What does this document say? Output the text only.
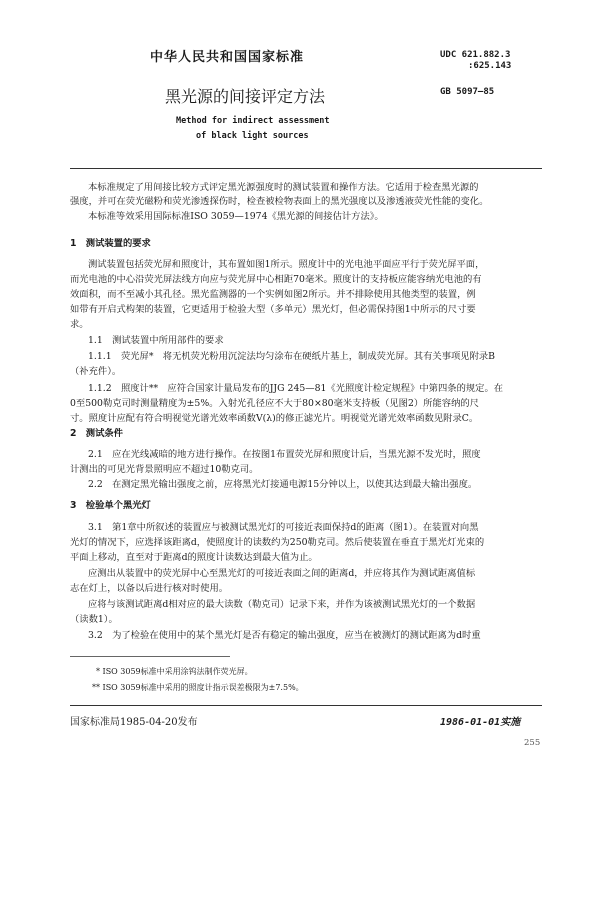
中华人民共和国国家标准	UDC 621.882.3
:625.143
黑光源的间接评定方法	GB 5097—85
Method for indirect assessment
of black light sources

本标准规定了用间接比较方式评定黑光源强度时的测试装置和操作方法。它适用于检查黑光源的

强度，并可在荧光磁粉和荧光渗透探伤时，检查被检物表面上的黑光强度以及渗透液荧光性能的变化。

本标准等效采用国际标准ISO 3059—1974《黑光源的间接估计方法》。

1　测试装置的要求

测试装置包括荧光屏和照度计，其布置如图1所示。照度计中的光电池平面应平行于荧光屏平面，

而光电池的中心沿荧光屏法线方向应与荧光屏中心相距70毫米。照度计的支持板应能容纳光电池的有

效面积，而不至减小其孔径。黑光监测器的一个实例如图2所示。并不排除使用其他类型的装置，例

如带有开启式构架的装置，它更适用于检验大型（多单元）黑光灯，但必需保持图1中所示的尺寸要

求。

1.1　测试装置中所用部件的要求

1.1.1　荧光屏*　将无机荧光粉用沉淀法均匀涂布在硬纸片基上，制成荧光屏。其有关事项见附录B

（补充件）。

1.1.2　照度计**　应符合国家计量局发布的JJG 245—81《光照度计检定规程》中第四条的规定。在

0至500勒克司时测量精度为±5%。入射光孔径应不大于80×80毫米支持板（见图2）所能容纳的尺

寸。照度计应配有符合明视觉光谱光效率函数V(λ)的修正滤光片。明视觉光谱光效率函数见附录C。

2　测试条件

2.1　应在光线减暗的地方进行操作。在按图1布置荧光屏和照度计后，当黑光源不发光时，照度

计测出的可见光背景照明应不超过10勒克司。

2.2　在测定黑光输出强度之前，应将黑光灯接通电源15分钟以上，以使其达到最大输出强度。

3　检验单个黑光灯

3.1　第1章中所叙述的装置应与被测试黑光灯的可接近表面保持d的距离（图1）。在装置对向黑

光灯的情况下，应选择该距离d，使照度计的读数约为250勒克司。然后使装置在垂直于黑光灯光束的

平面上移动，直至对于距离d的照度计读数达到最大值为止。

应测出从装置中的荧光屏中心至黑光灯的可接近表面之间的距离d，并应将其作为测试距离值标

志在灯上，以备以后进行核对时使用。

应将与该测试距离d相对应的最大读数（勒克司）记录下来，并作为该被测试黑光灯的一个数据

（读数1）。

3.2　为了检验在使用中的某个黑光灯是否有稳定的输出强度，应当在被测灯的测试距离为d时重

* ISO 3059标准中采用涂钨法制作荧光屏。
** ISO 3059标准中采用的照度计指示误差极限为±7.5%。
国家标准局1985-04-20发布	1986-01-01实施
255
